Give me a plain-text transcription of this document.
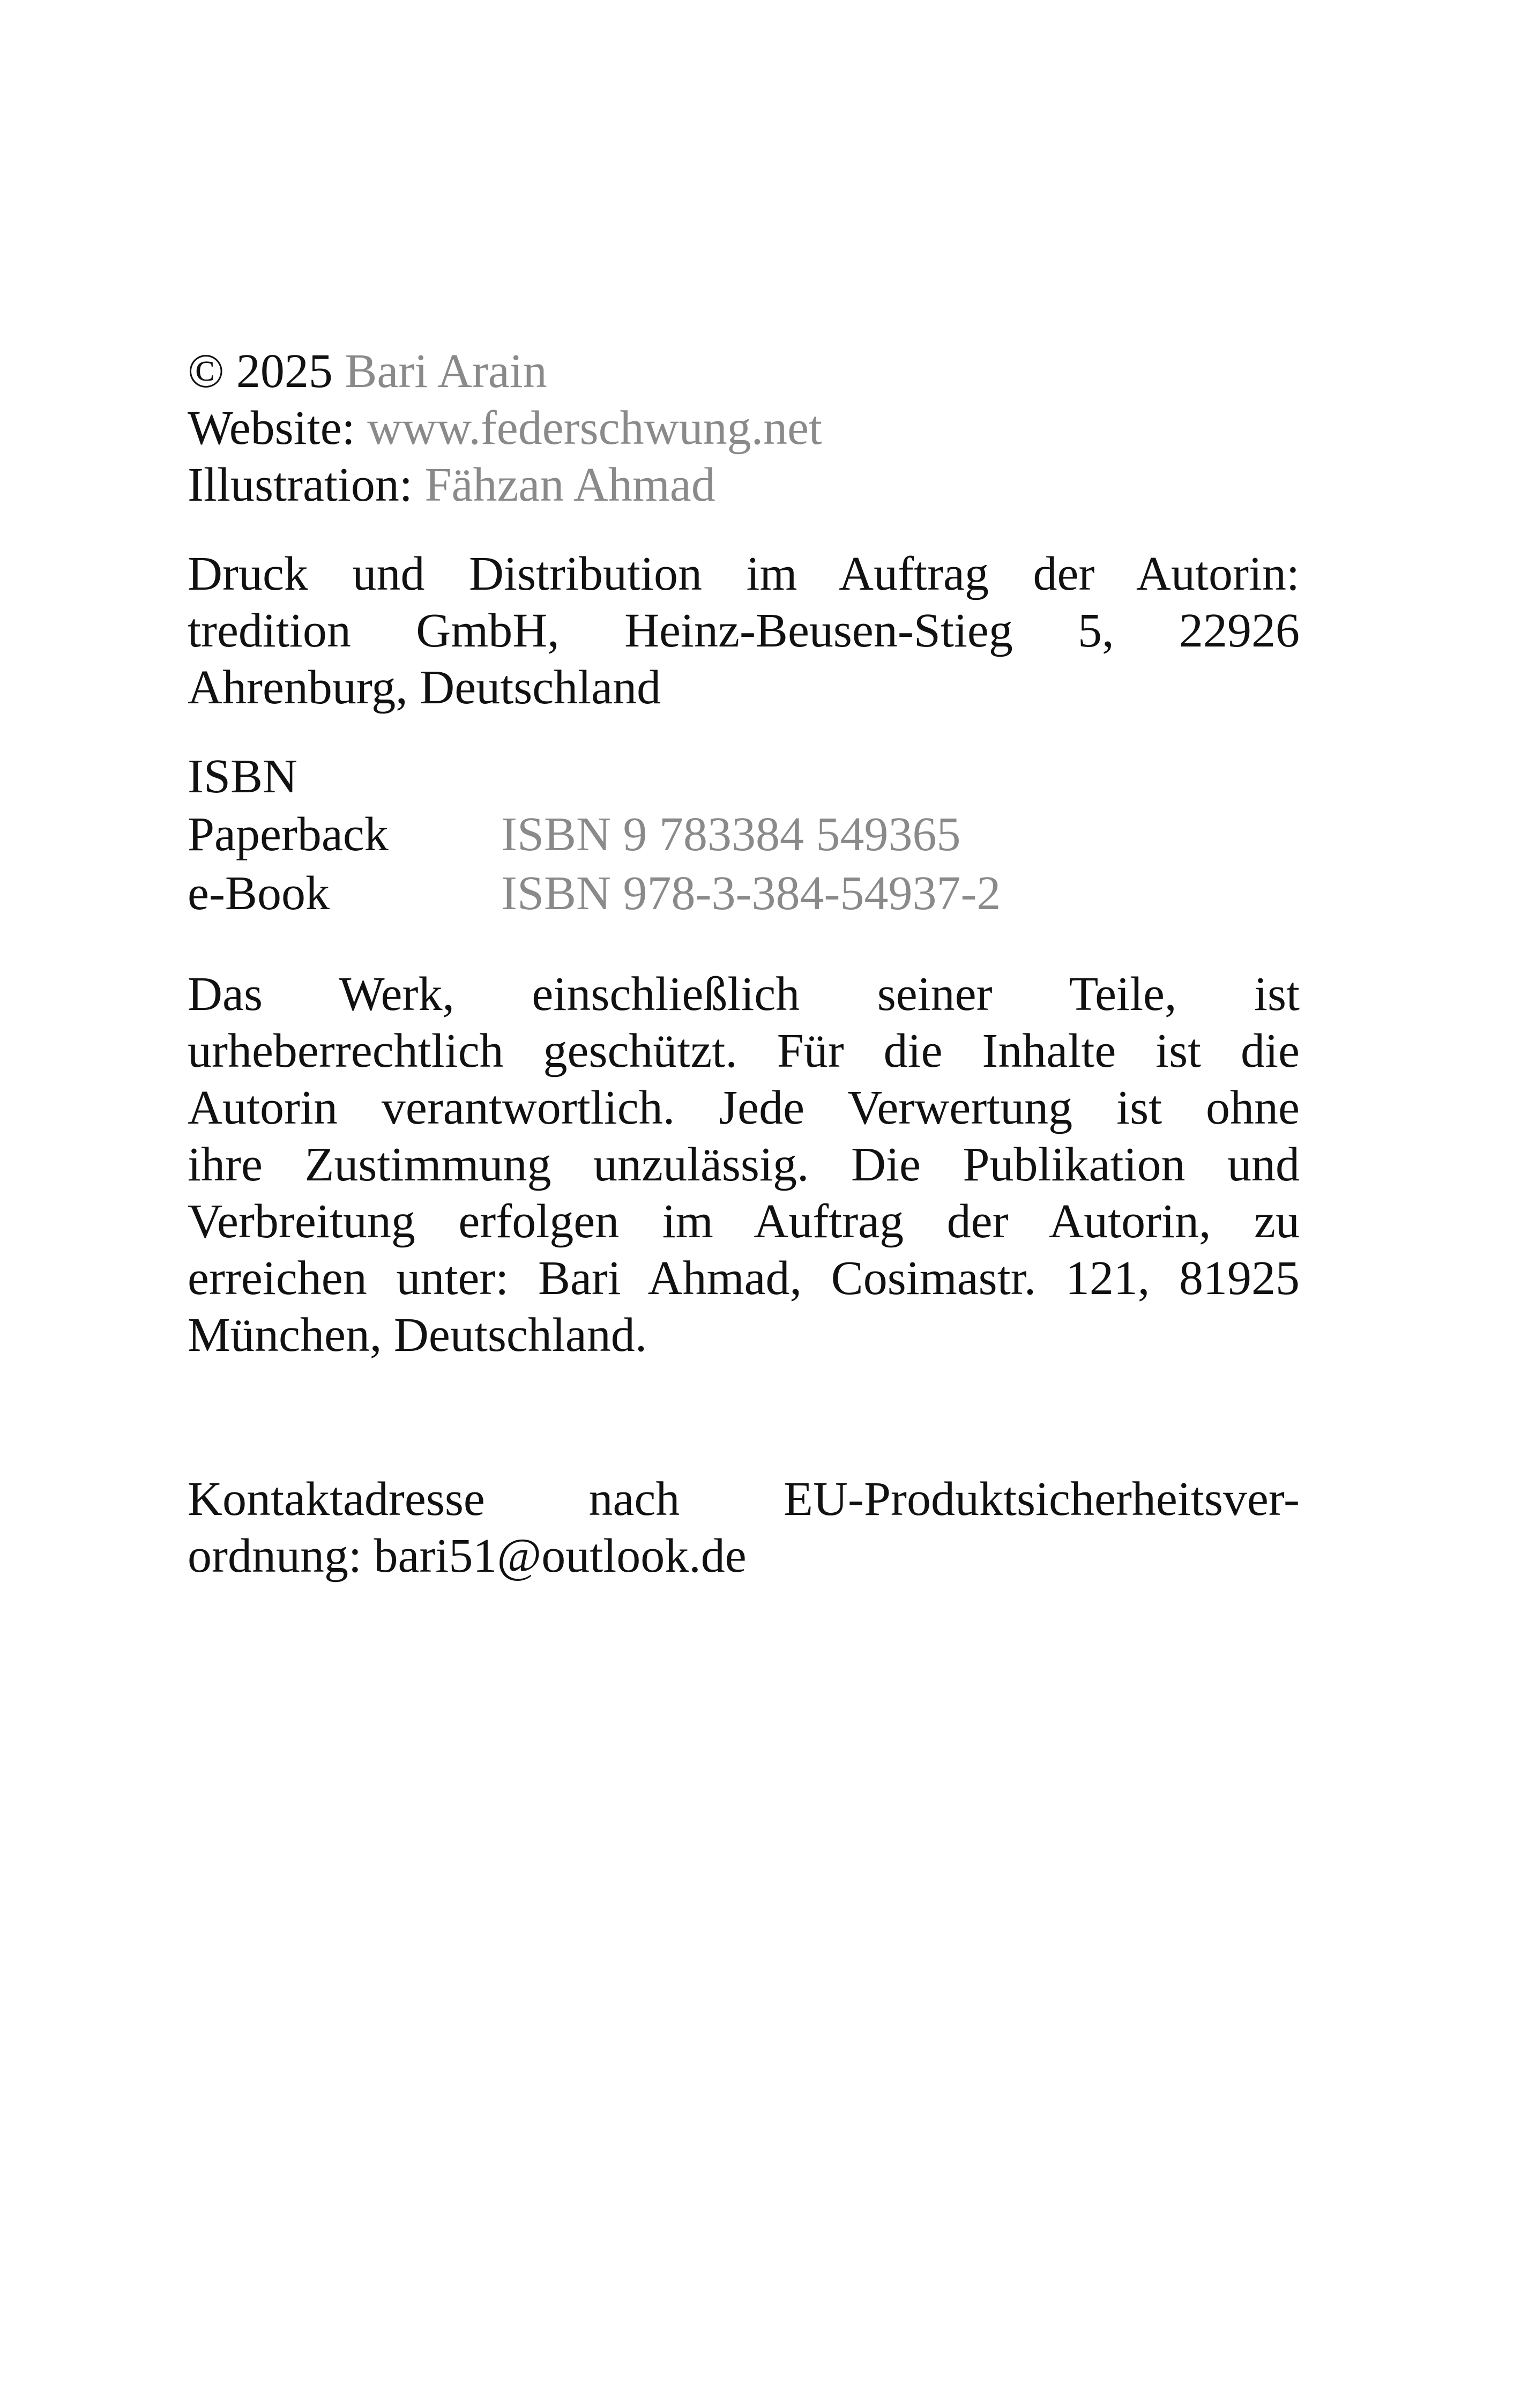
© 2025 Bari Arain

Website: www.federschwung.net

Illustration: Fähzan Ahmad

Druck und Distribution im Auftrag der Autorin:

tredition GmbH, Heinz-Beusen-Stieg 5, 22926

Ahrenburg, Deutschland

ISBN

Paperback	ISBN 9 783384 549365
e-Book	ISBN 978-3-384-54937-2

Das Werk, einschließlich seiner Teile, ist

urheberrechtlich geschützt. Für die Inhalte ist die

Autorin verantwortlich. Jede Verwertung ist ohne

ihre Zustimmung unzulässig. Die Publikation und

Verbreitung erfolgen im Auftrag der Autorin, zu

erreichen unter: Bari Ahmad, Cosimastr. 121, 81925

München, Deutschland.

Kontaktadresse nach EU-Produktsicherheitsver-

ordnung: bari51@outlook.de
